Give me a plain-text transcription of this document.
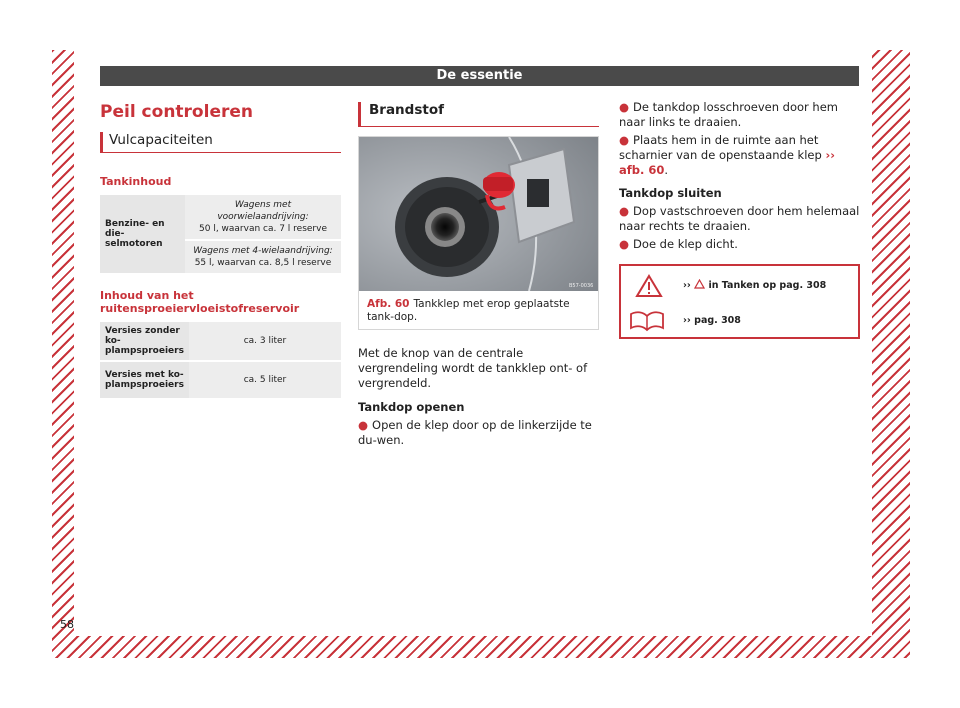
De essentie
Peil controleren
Vulcapaciteiten
Tankinhoud
Benzine- en die-selmotoren	Wagens met voorwielaandrijving:
50 l, waarvan ca. 7 l reserve
Wagens met 4-wielaandrijving:
55 l, waarvan ca. 8,5 l reserve
Inhoud van het ruitensproeiervloeistofreservoir
Versies zonder ko-plampsproeiers	ca. 3 liter
Versies met ko-plampsproeiers	ca. 5 liter
Brandstof
B57-0036
Afb. 60 Tankklep met erop geplaatste tank-dop.

Met de knop van de centrale vergrendeling wordt de tankklep ont- of vergrendeld.

Tankdop openen
● Open de klep door op de linkerzijde te du-wen.
● De tankdop losschroeven door hem naar links te draaien.
● Plaats hem in de ruimte aan het scharnier van de openstaande klep ›› afb. 60.
Tankdop sluiten
● Dop vastschroeven door hem helemaal naar rechts te draaien.
● Doe de klep dicht.
›› in Tanken op pag. 308
›› pag. 308
58
